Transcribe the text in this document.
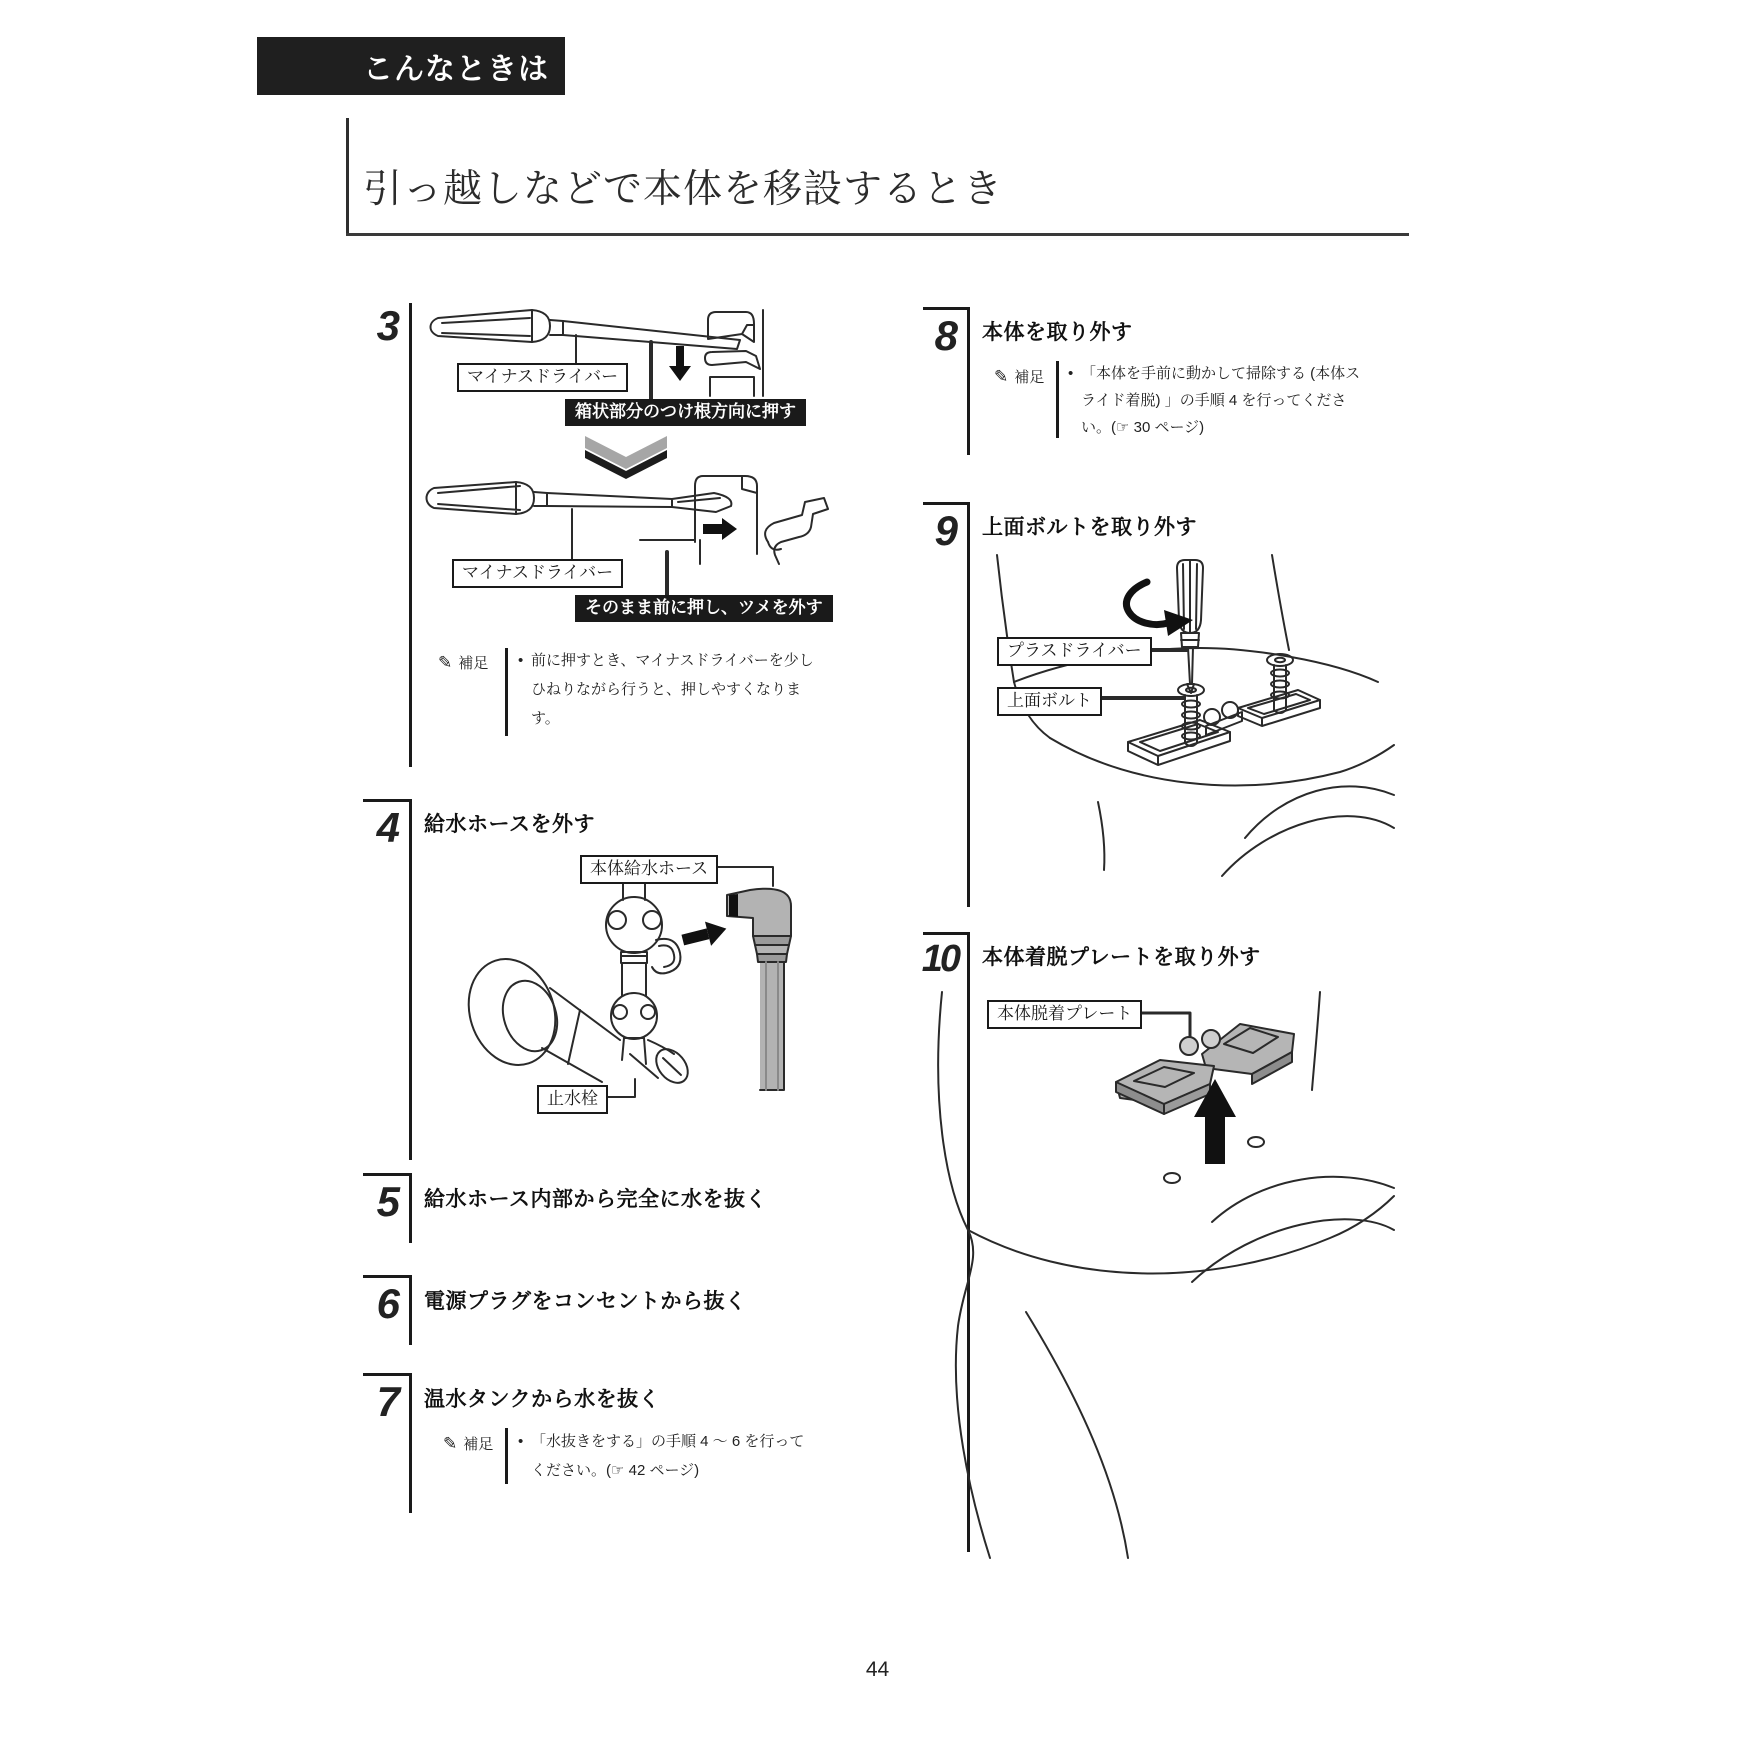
こんなときは
引っ越しなどで本体を移設するとき
3
マイナスドライバー
箱状部分のつけ根方向に押す
マイナスドライバー
そのまま前に押し、ツメを外す
✎ 補足 • 前に押すとき、マイナスドライバーを少し
ひねりながら行うと、押しやすくなりま
す。
4 給水ホースを外す
本体給水ホース
止水栓
5 給水ホース内部から完全に水を抜く
6 電源プラグをコンセントから抜く
7 温水タンクから水を抜く
✎ 補足 • 「水抜きをする」の手順 4 ～ 6 を行って
ください。(☞ 42 ページ)
8 本体を取り外す
✎ 補足 • 「本体を手前に動かして掃除する (本体ス
ライド着脱) 」の手順 4 を行ってくださ
い。(☞ 30 ページ)
9 上面ボルトを取り外す
プラスドライバー
上面ボルト
10 本体着脱プレートを取り外す
本体脱着プレート
44
